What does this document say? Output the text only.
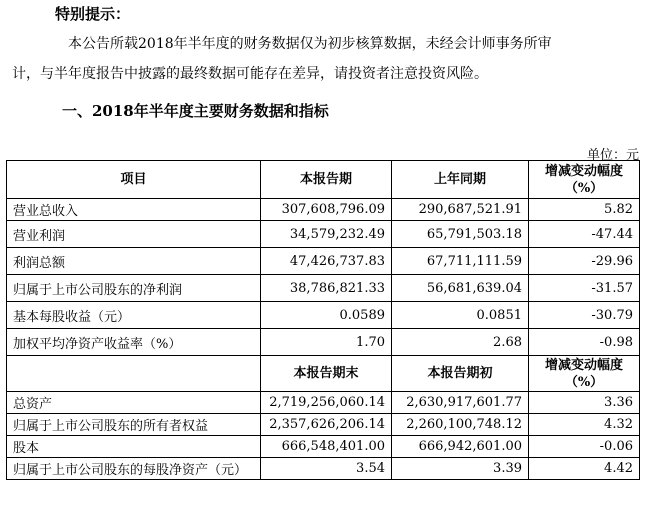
特别提示：
本公告所载2018年半年度的财务数据仅为初步核算数据，未经会计师事务所审
计，与半年度报告中披露的最终数据可能存在差异，请投资者注意投资风险。
一、2018年半年度主要财务数据和指标
单位：元
项目	本报告期	上年同期	增减变动幅度
（%）

营业总收入	307,608,796.09	290,687,521.91	5.82
营业利润	34,579,232.49	65,791,503.18	-47.44
利润总额	47,426,737.83	67,711,111.59	-29.96
归属于上市公司股东的净利润	38,786,821.33	56,681,639.04	-31.57
基本每股收益（元）	0.0589	0.0851	-30.79
加权平均净资产收益率（%）	1.70	2.68	-0.98
	本报告期末	本报告期初	增减变动幅度
（%）

总资产	2,719,256,060.14	2,630,917,601.77	3.36
归属于上市公司股东的所有者权益	2,357,626,206.14	2,260,100,748.12	4.32
股本	666,548,401.00	666,942,601.00	-0.06
归属于上市公司股东的每股净资产（元）	3.54	3.39	4.42
